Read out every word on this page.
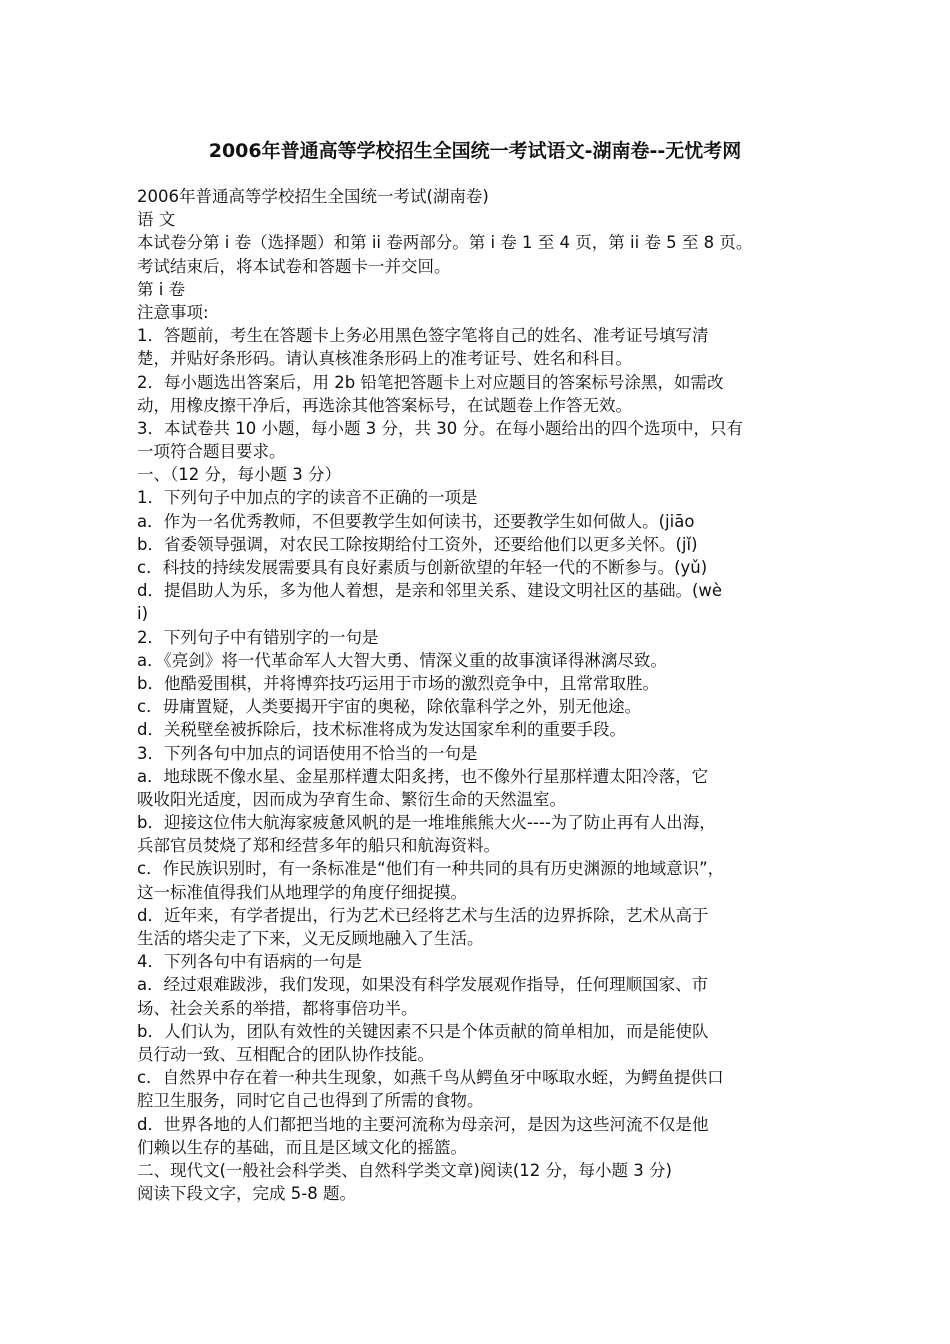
2006年普通高等学校招生全国统一考试语文-湖南卷--无忧考网
2006年普通高等学校招生全国统一考试(湖南卷)
语 文
本试卷分第 i 卷（选择题）和第 ii 卷两部分。第 i 卷 1 至 4 页，第 ii 卷 5 至 8 页。
考试结束后，将本试卷和答题卡一并交回。
第 i 卷
注意事项:
1．答题前，考生在答题卡上务必用黑色签字笔将自己的姓名、准考证号填写清
楚，并贴好条形码。请认真核准条形码上的准考证号、姓名和科目。
2．每小题选出答案后，用 2b 铅笔把答题卡上对应题目的答案标号涂黑，如需改
动，用橡皮擦干净后，再选涂其他答案标号，在试题卷上作答无效。
3．本试卷共 10 小题，每小题 3 分，共 30 分。在每小题给出的四个选项中，只有
一项符合题目要求。
一、（12 分，每小题 3 分）
1．下列句子中加点的字的读音不正确的一项是
a．作为一名优秀教师，不但要教学生如何读书，还要教学生如何做人。(jiāo
b．省委领导强调，对农民工除按期给付工资外，还要给他们以更多关怀。(jǐ)
c．科技的持续发展需要具有良好素质与创新欲望的年轻一代的不断参与。(yǔ)
d．提倡助人为乐，多为他人着想，是亲和邻里关系、建设文明社区的基础。(wè
i)
2．下列句子中有错别字的一句是
a．《亮剑》将一代革命军人大智大勇、情深义重的故事演译得淋漓尽致。
b．他酷爱围棋，并将博弈技巧运用于市场的激烈竞争中，且常常取胜。
c．毋庸置疑，人类要揭开宇宙的奥秘，除依靠科学之外，别无他途。
d．关税壁垒被拆除后，技术标准将成为发达国家牟利的重要手段。
3．下列各句中加点的词语使用不恰当的一句是
a．地球既不像水星、金星那样遭太阳炙拷，也不像外行星那样遭太阳冷落，它
吸收阳光适度，因而成为孕育生命、繁衍生命的天然温室。
b．迎接这位伟大航海家疲惫风帆的是一堆堆熊熊大火----为了防止再有人出海，
兵部官员焚烧了郑和经营多年的船只和航海资料。
c．作民族识别时，有一条标准是“他们有一种共同的具有历史渊源的地域意识”，
这一标准值得我们从地理学的角度仔细捉摸。
d．近年来，有学者提出，行为艺术已经将艺术与生活的边界拆除，艺术从高于
生活的塔尖走了下来，义无反顾地融入了生活。
4．下列各句中有语病的一句是
a．经过艰难跋涉，我们发现，如果没有科学发展观作指导，任何理顺国家、市
场、社会关系的举措，都将事倍功半。
b．人们认为，团队有效性的关键因素不只是个体贡献的简单相加，而是能使队
员行动一致、互相配合的团队协作技能。
c．自然界中存在着一种共生现象，如燕千鸟从鳄鱼牙中啄取水蛭，为鳄鱼提供口
腔卫生服务，同时它自己也得到了所需的食物。
d．世界各地的人们都把当地的主要河流称为母亲河，是因为这些河流不仅是他
们赖以生存的基础，而且是区域文化的摇篮。
二、现代文(一般社会科学类、自然科学类文章)阅读(12 分，每小题 3 分)
阅读下段文字，完成 5-8 题。
